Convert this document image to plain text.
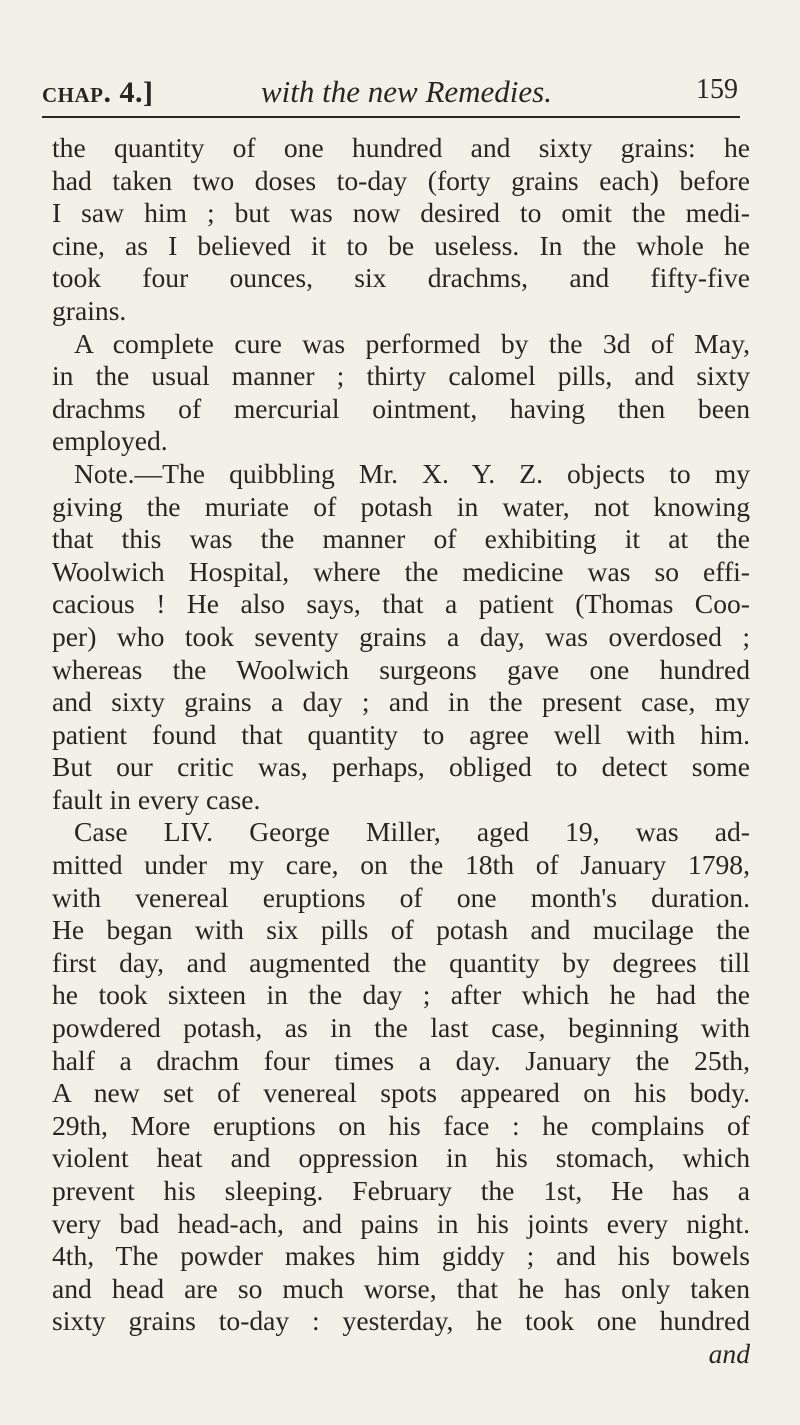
chap. 4.]	with the new Remedies.	159
the quantity of one hundred and sixty grains: he
had taken two doses to-day (forty grains each) before
I saw him ; but was now desired to omit the medi-
cine, as I believed it to be useless. In the whole he
took four ounces, six drachms, and fifty-five
grains.
A complete cure was performed by the 3d of May,
in the usual manner ; thirty calomel pills, and sixty
drachms of mercurial ointment, having then been
employed.
Note.—The quibbling Mr. X. Y. Z. objects to my
giving the muriate of potash in water, not knowing
that this was the manner of exhibiting it at the
Woolwich Hospital, where the medicine was so effi-
cacious ! He also says, that a patient (Thomas Coo-
per) who took seventy grains a day, was overdosed ;
whereas the Woolwich surgeons gave one hundred
and sixty grains a day ; and in the present case, my
patient found that quantity to agree well with him.
But our critic was, perhaps, obliged to detect some
fault in every case.
Case LIV. George Miller, aged 19, was ad-
mitted under my care, on the 18th of January 1798,
with venereal eruptions of one month's duration.
He began with six pills of potash and mucilage the
first day, and augmented the quantity by degrees till
he took sixteen in the day ; after which he had the
powdered potash, as in the last case, beginning with
half a drachm four times a day. January the 25th,
A new set of venereal spots appeared on his body.
29th, More eruptions on his face : he complains of
violent heat and oppression in his stomach, which
prevent his sleeping. February the 1st, He has a
very bad head-ach, and pains in his joints every night.
4th, The powder makes him giddy ; and his bowels
and head are so much worse, that he has only taken
sixty grains to-day : yesterday, he took one hundred
and
